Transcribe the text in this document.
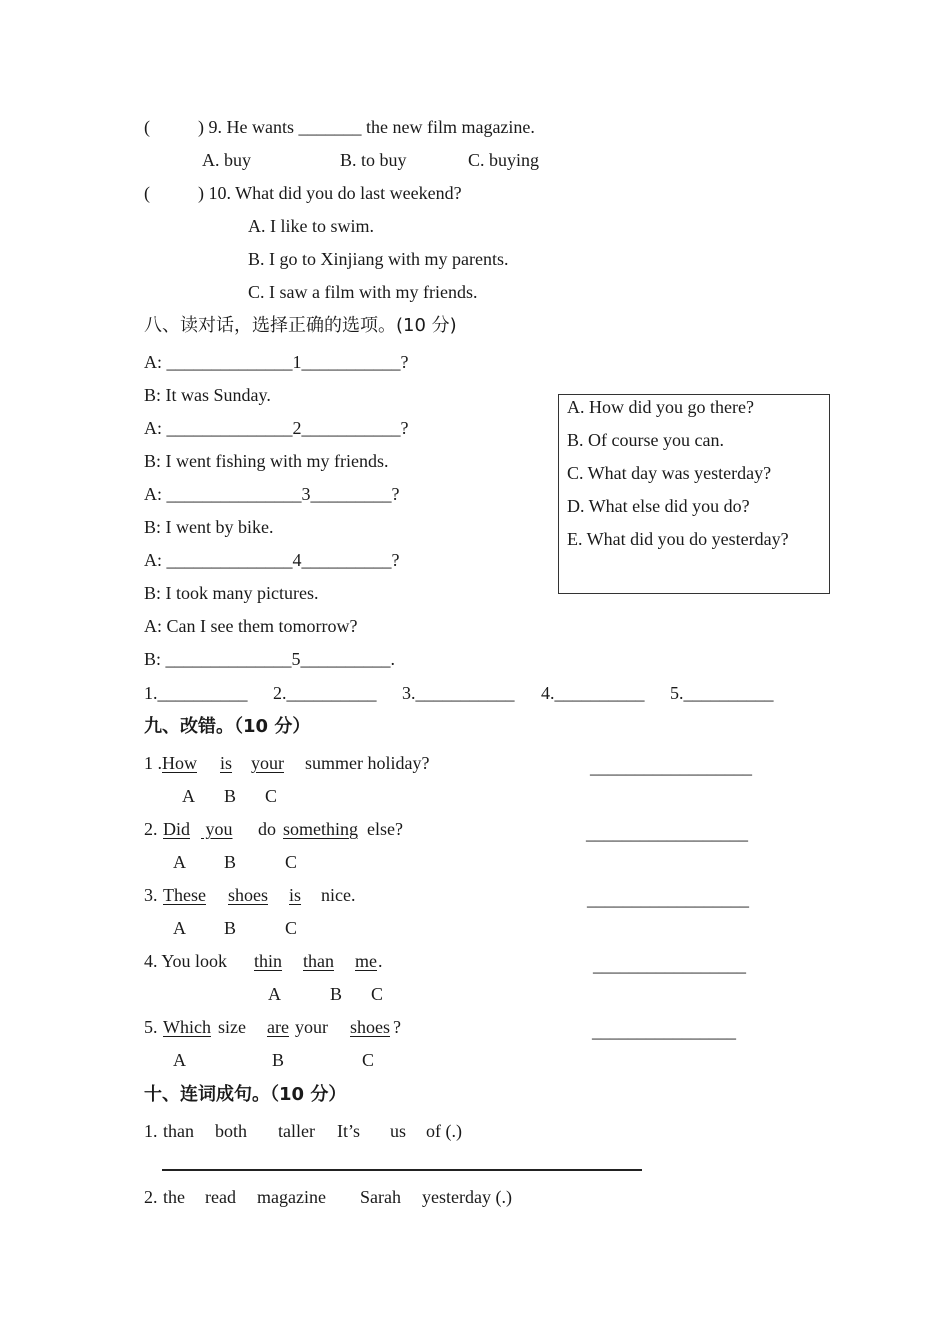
(	) 9. He wants _______ the new film magazine.
A. buy	B. to buy	C. buying
(	) 10. What did you do last weekend?
A. I like to swim.
B. I go to Xinjiang with my parents.
C. I saw a film with my friends.
八、读对话，选择正确的选项。(10 分)
A: ______________1___________?
B: It was Sunday.
A: ______________2___________?
B: I went fishing with my friends.
A: _______________3_________?
B: I went by bike.
A: ______________4__________?
B: I took many pictures.
A: Can I see them tomorrow?
B: ______________5__________.
A. How did you go there?
B. Of course you can.
C. What day was yesterday?
D. What else did you do?
E. What did you do yesterday?
1.__________ 2.__________ 3.___________ 4.__________ 5.__________
九、改错。（10 分）
1 . How is your summer holiday?	__________________
A B C
2. Did you do something else?	__________________
A B	C
3. These shoes is nice.	__________________
A B	C
4. You look thin than me .	_________________
A	B C
5. Which size are your shoes ?	________________
A	B	C
十、连词成句。（10 分）
1. than both taller It’s us of (.)
2. the read magazine Sarah yesterday (.)
